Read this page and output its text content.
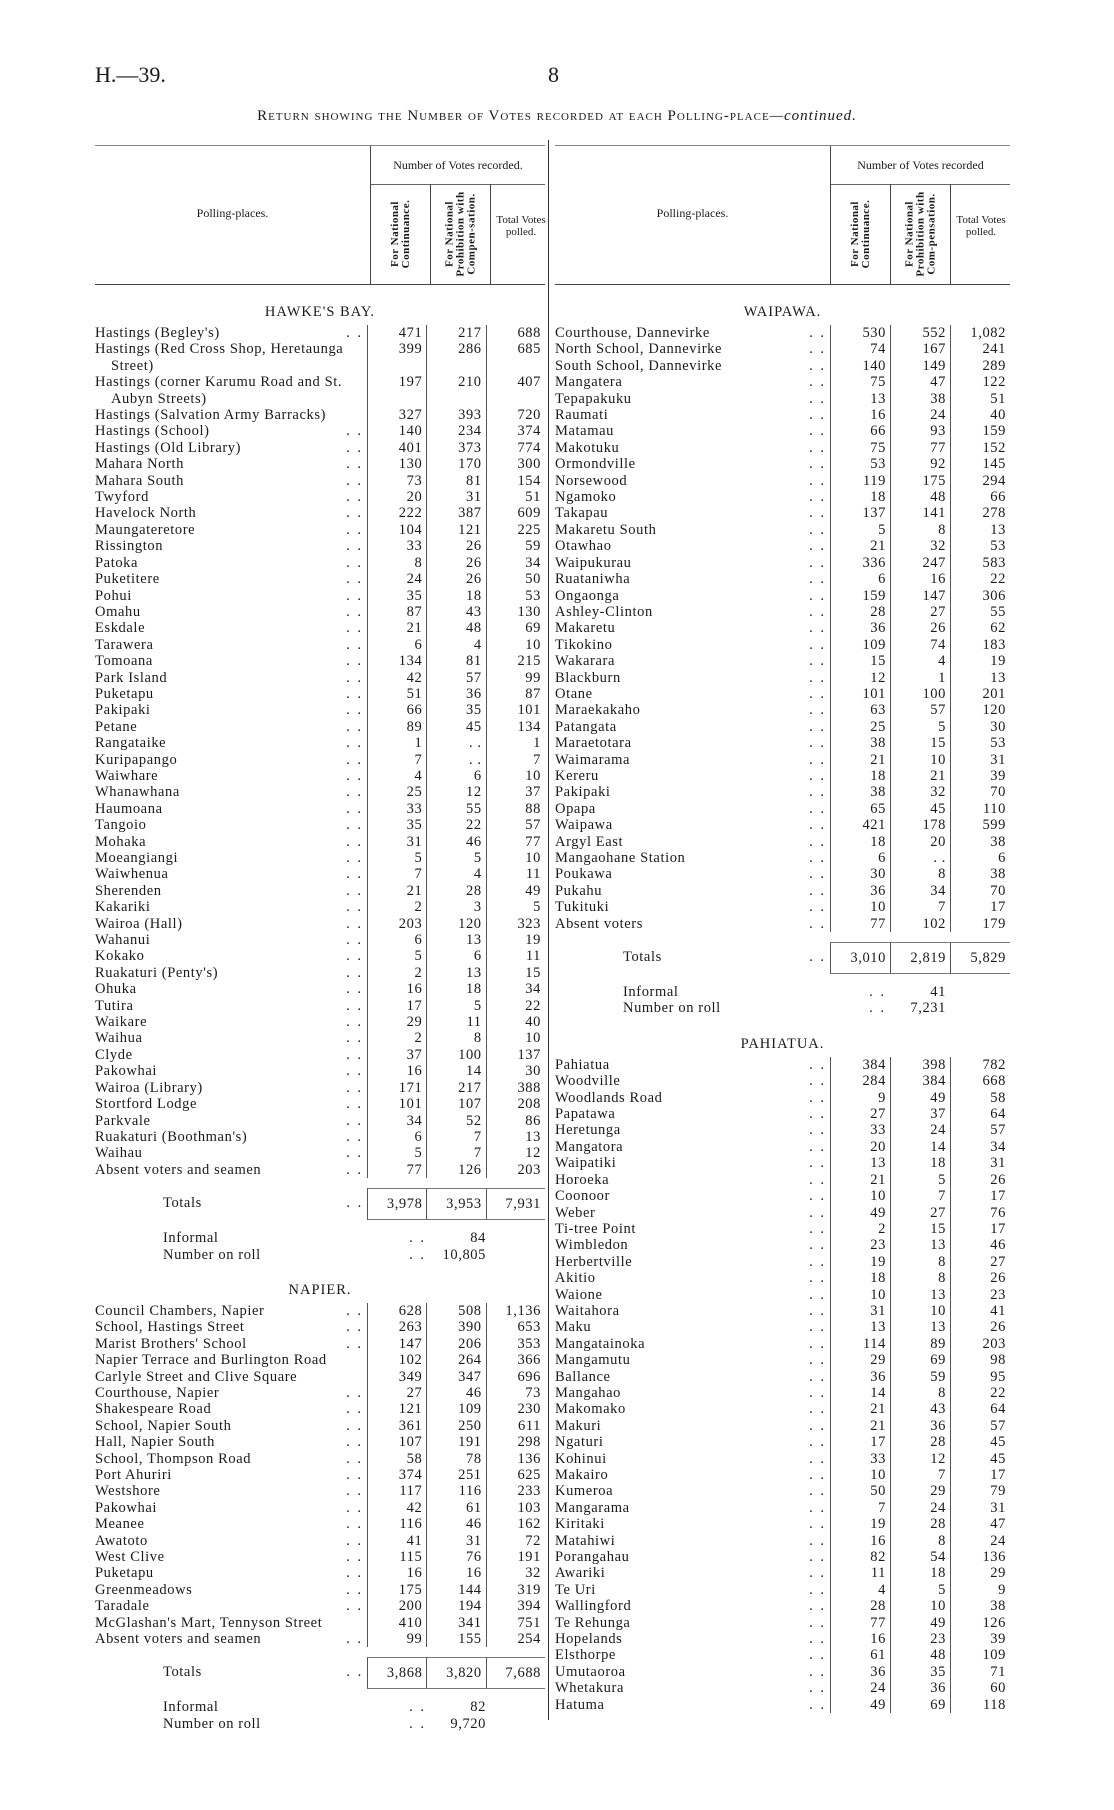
H.—39.	8
Return showing the Number of Votes recorded at each Polling-place—continued.
Polling-places.
Number of Votes recorded.
For National Continuance.	For National Prohibition with Compen-sation.	Total Votes polled.
HAWKE'S BAY.
Hastings (Begley's)	. .	471	217	688
Hastings (Red Cross Shop, Heretaunga Street)
399	286	685
Hastings (corner Karumu Road and St. Aubyn Streets)
197	210	407
Hastings (Salvation Army Barracks)	327	393	720
Hastings (School)	. .	140	234	374
Hastings (Old Library)	. .	401	373	774
Mahara North	. .	130	170	300
Mahara South	. .	73	81	154
Twyford	. .	20	31	51
Havelock North	. .	222	387	609
Maungateretore	. .	104	121	225
Rissington	. .	33	26	59
Patoka	. .	8	26	34
Puketitere	. .	24	26	50
Pohui	. .	35	18	53
Omahu	. .	87	43	130
Eskdale	. .	21	48	69
Tarawera	. .	6	4	10
Tomoana	. .	134	81	215
Park Island	. .	42	57	99
Puketapu	. .	51	36	87
Pakipaki	. .	66	35	101
Petane	. .	89	45	134
Rangataike	. .	1	. .	1
Kuripapango	. .	7	. .	7
Waiwhare	. .	4	6	10
Whanawhana	. .	25	12	37
Haumoana	. .	33	55	88
Tangoio	. .	35	22	57
Mohaka	. .	31	46	77
Moeangiangi	. .	5	5	10
Waiwhenua	. .	7	4	11
Sherenden	. .	21	28	49
Kakariki	. .	2	3	5
Wairoa (Hall)	. .	203	120	323
Wahanui	. .	6	13	19
Kokako	. .	5	6	11
Ruakaturi (Penty's)	. .	2	13	15
Ohuka	. .	16	18	34
Tutira	. .	17	5	22
Waikare	. .	29	11	40
Waihua	. .	2	8	10
Clyde	. .	37	100	137
Pakowhai	. .	16	14	30
Wairoa (Library)	. .	171	217	388
Stortford Lodge	. .	101	107	208
Parkvale	. .	34	52	86
Ruakaturi (Boothman's)	. .	6	7	13
Waihau	. .	5	7	12
Absent voters and seamen	. .	77	126	203
Totals	. .	3,978	3,953	7,931
Informal	. .	84
Number on roll	. .	10,805
NAPIER.
Council Chambers, Napier	. .	628	508	1,136
School, Hastings Street	. .	263	390	653
Marist Brothers' School	. .	147	206	353
Napier Terrace and Burlington Road	102	264	366
Carlyle Street and Clive Square	349	347	696
Courthouse, Napier	. .	27	46	73
Shakespeare Road	. .	121	109	230
School, Napier South	. .	361	250	611
Hall, Napier South	. .	107	191	298
School, Thompson Road	. .	58	78	136
Port Ahuriri	. .	374	251	625
Westshore	. .	117	116	233
Pakowhai	. .	42	61	103
Meanee	. .	116	46	162
Awatoto	. .	41	31	72
West Clive	. .	115	76	191
Puketapu	. .	16	16	32
Greenmeadows	. .	175	144	319
Taradale	. .	200	194	394
McGlashan's Mart, Tennyson Street	410	341	751
Absent voters and seamen	. .	99	155	254
Totals	. .	3,868	3,820	7,688
Informal	. .	82
Number on roll	. .	9,720
Polling-places.
Number of Votes recorded
For National Continuance.	For National Prohibition with Com-pensation.	Total Votes polled.
WAIPAWA.
Courthouse, Dannevirke	. .	530	552	1,082
North School, Dannevirke	. .	74	167	241
South School, Dannevirke	. .	140	149	289
Mangatera	. .	75	47	122
Tepapakuku	. .	13	38	51
Raumati	. .	16	24	40
Matamau	. .	66	93	159
Makotuku	. .	75	77	152
Ormondville	. .	53	92	145
Norsewood	. .	119	175	294
Ngamoko	. .	18	48	66
Takapau	. .	137	141	278
Makaretu South	. .	5	8	13
Otawhao	. .	21	32	53
Waipukurau	. .	336	247	583
Ruataniwha	. .	6	16	22
Ongaonga	. .	159	147	306
Ashley-Clinton	. .	28	27	55
Makaretu	. .	36	26	62
Tikokino	. .	109	74	183
Wakarara	. .	15	4	19
Blackburn	. .	12	1	13
Otane	. .	101	100	201
Maraekakaho	. .	63	57	120
Patangata	. .	25	5	30
Maraetotara	. .	38	15	53
Waimarama	. .	21	10	31
Kereru	. .	18	21	39
Pakipaki	. .	38	32	70
Opapa	. .	65	45	110
Waipawa	. .	421	178	599
Argyl East	. .	18	20	38
Mangaohane Station	. .	6	. .	6
Poukawa	. .	30	8	38
Pukahu	. .	36	34	70
Tukituki	. .	10	7	17
Absent voters	. .	77	102	179
Totals	. .	3,010	2,819	5,829
Informal	. .	41
Number on roll	. .	7,231
PAHIATUA.
Pahiatua	. .	384	398	782
Woodville	. .	284	384	668
Woodlands Road	. .	9	49	58
Papatawa	. .	27	37	64
Heretunga	. .	33	24	57
Mangatora	. .	20	14	34
Waipatiki	. .	13	18	31
Horoeka	. .	21	5	26
Coonoor	. .	10	7	17
Weber	. .	49	27	76
Ti-tree Point	. .	2	15	17
Wimbledon	. .	23	13	46
Herbertville	. .	19	8	27
Akitio	. .	18	8	26
Waione	. .	10	13	23
Waitahora	. .	31	10	41
Maku	. .	13	13	26
Mangatainoka	. .	114	89	203
Mangamutu	. .	29	69	98
Ballance	. .	36	59	95
Mangahao	. .	14	8	22
Makomako	. .	21	43	64
Makuri	. .	21	36	57
Ngaturi	. .	17	28	45
Kohinui	. .	33	12	45
Makairo	. .	10	7	17
Kumeroa	. .	50	29	79
Mangarama	. .	7	24	31
Kiritaki	. .	19	28	47
Matahiwi	. .	16	8	24
Porangahau	. .	82	54	136
Awariki	. .	11	18	29
Te Uri	. .	4	5	9
Wallingford	. .	28	10	38
Te Rehunga	. .	77	49	126
Hopelands	. .	16	23	39
Elsthorpe	. .	61	48	109
Umutaoroa	. .	36	35	71
Whetakura	. .	24	36	60
Hatuma	. .	49	69	118
